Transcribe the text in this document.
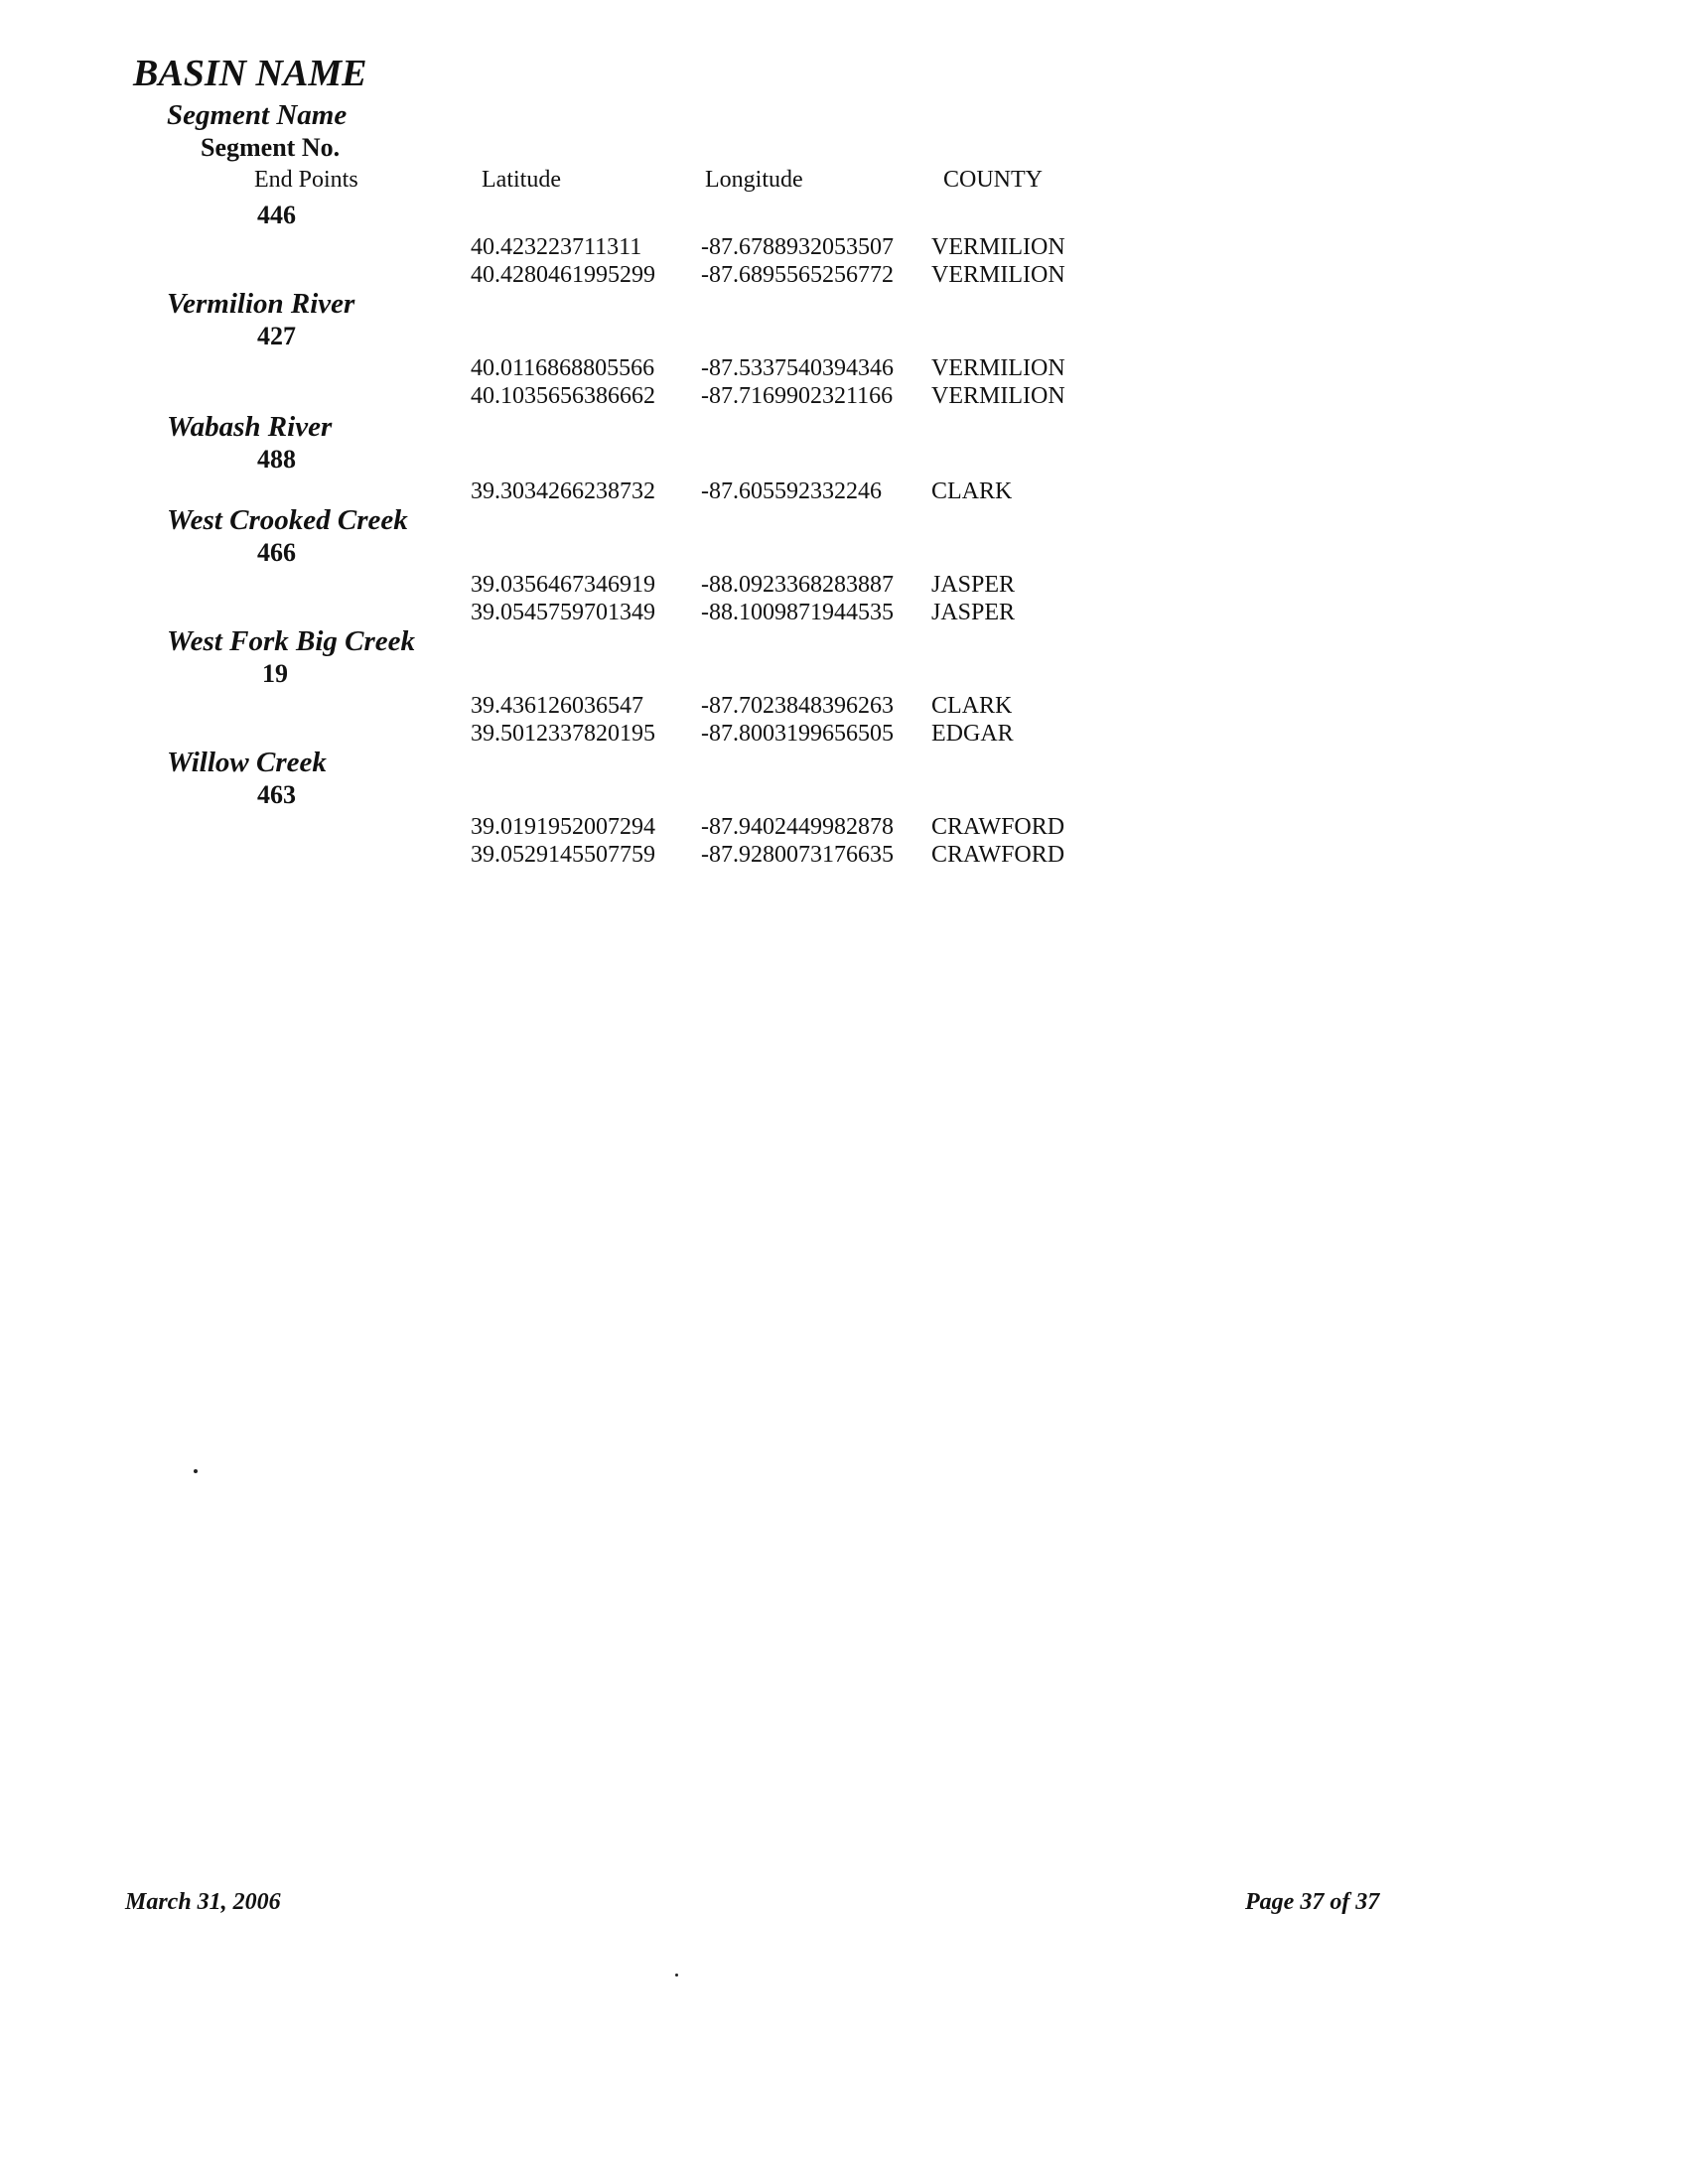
BASIN NAME
Segment Name
Segment No.
End Points	Latitude	Longitude	COUNTY
446
40.423223711311 -87.6788932053507 VERMILION
40.4280461995299 -87.6895565256772 VERMILION
Vermilion River
427
40.0116868805566 -87.5337540394346 VERMILION
40.1035656386662 -87.7169902321166 VERMILION
Wabash River
488
39.3034266238732 -87.605592332246 CLARK
West Crooked Creek
466
39.0356467346919 -88.0923368283887 JASPER
39.0545759701349 -88.1009871944535 JASPER
West Fork Big Creek
19
39.436126036547 -87.7023848396263 CLARK
39.5012337820195 -87.8003199656505 EDGAR
Willow Creek
463
39.0191952007294 -87.9402449982878 CRAWFORD
39.0529145507759 -87.9280073176635 CRAWFORD
March 31, 2006	Page 37 of 37
